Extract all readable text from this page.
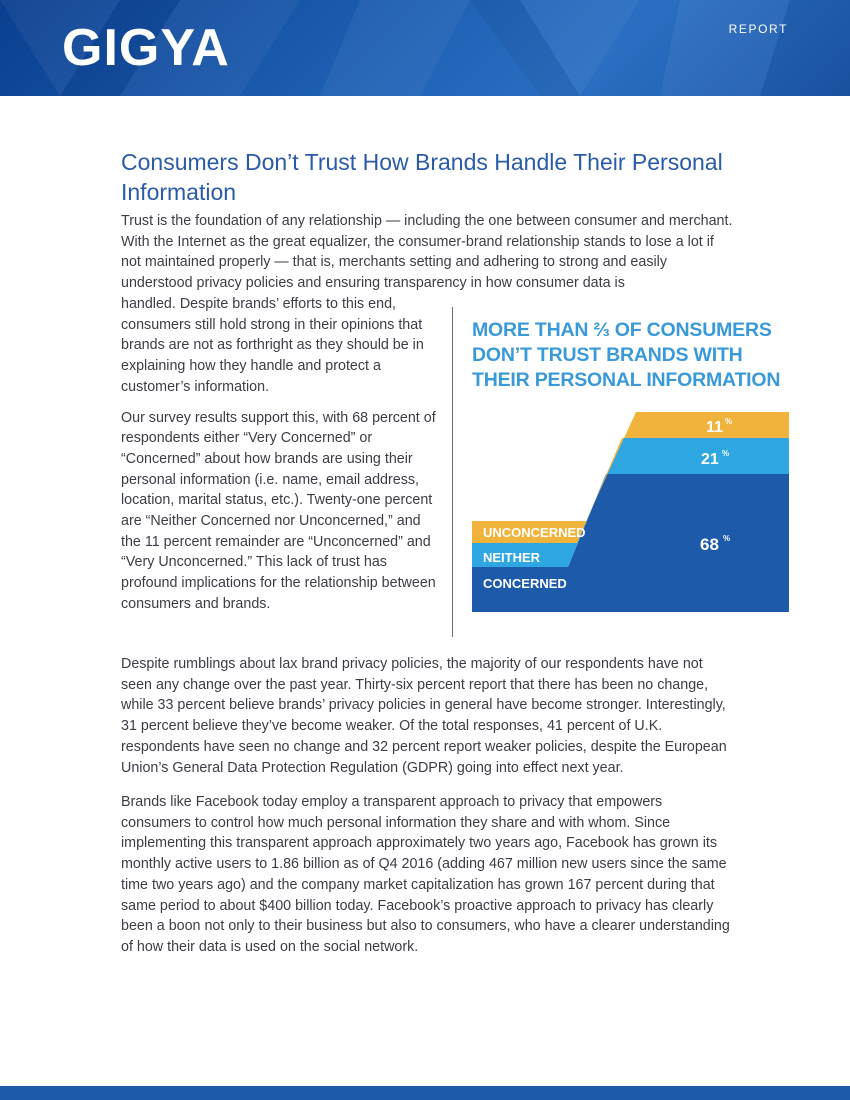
GIGYA	REPORT
Consumers Don’t Trust How Brands Handle Their Personal Information

Trust is the foundation of any relationship — including the one between consumer and merchant. With the Internet as the great equalizer, the consumer-brand relationship stands to lose a lot if not maintained properly — that is, merchants setting and adhering to strong and easily understood privacy policies and ensuring transparency in how consumer data is

handled. Despite brands’ efforts to this end, consumers still hold strong in their opinions that brands are not as forthright as they should be in explaining how they handle and protect a customer’s information.

Our survey results support this, with 68 percent of respondents either “Very Concerned” or “Concerned” about how brands are using their personal information (i.e. name, email address, location, marital status, etc.). Twenty-one percent are “Neither Concerned nor Unconcerned,” and the 11 percent remainder are “Unconcerned” and “Very Unconcerned.” This lack of trust has profound implications for the relationship between consumers and brands.

MORE THAN ⅔ OF CONSUMERS DON’T TRUST BRANDS WITH THEIR PERSONAL INFORMATION
UNCONCERNED
NEITHER
CONCERNED
11 %
21 %
68 %

Despite rumblings about lax brand privacy policies, the majority of our respondents have not seen any change over the past year. Thirty-six percent report that there has been no change, while 33 percent believe brands’ privacy policies in general have become stronger. Interestingly, 31 percent believe they’ve become weaker. Of the total responses, 41 percent of U.K. respondents have seen no change and 32 percent report weaker policies, despite the European Union’s General Data Protection Regulation (GDPR) going into effect next year.

Brands like Facebook today employ a transparent approach to privacy that empowers consumers to control how much personal information they share and with whom. Since implementing this transparent approach approximately two years ago, Facebook has grown its monthly active users to 1.86 billion as of Q4 2016 (adding 467 million new users since the same time two years ago) and the company market capitalization has grown 167 percent during that same period to about $400 billion today. Facebook’s proactive approach to privacy has clearly been a boon not only to their business but also to consumers, who have a clearer understanding of how their data is used on the social network.
